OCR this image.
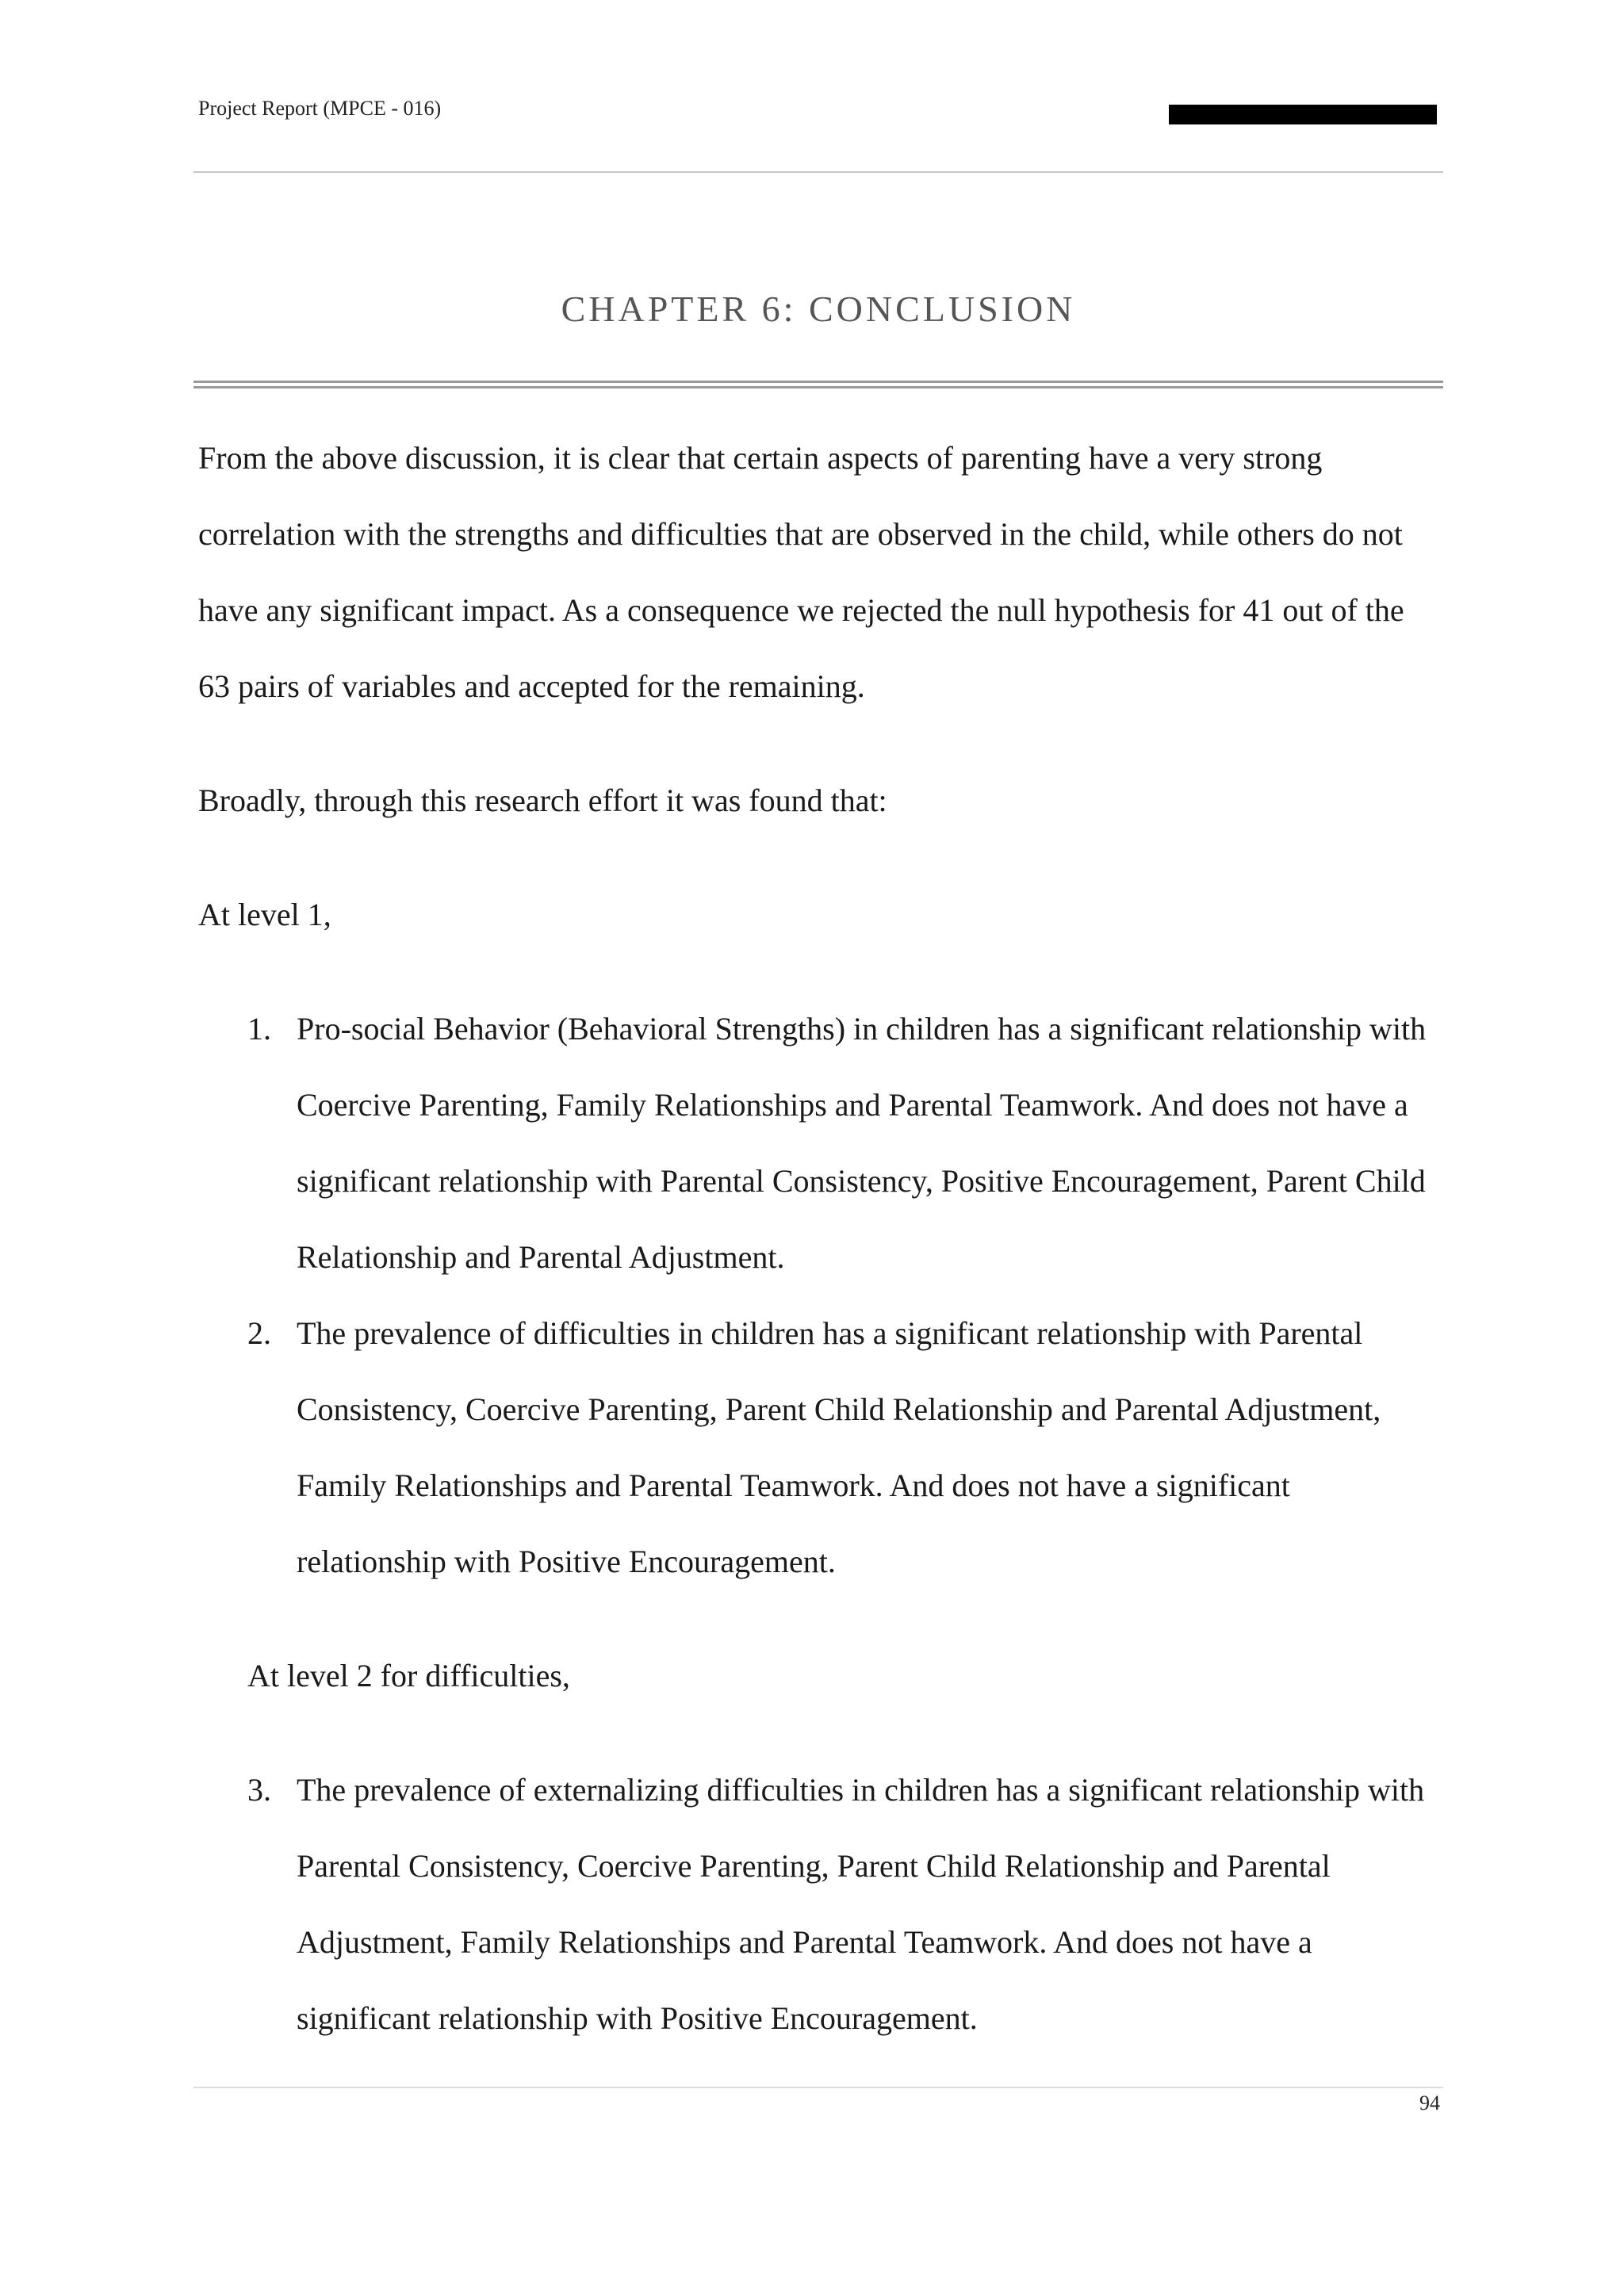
Project Report (MPCE - 016)
CHAPTER 6: CONCLUSION

From the above discussion, it is clear that certain aspects of parenting have a very strong correlation with the strengths and difficulties that are observed in the child, while others do not have any significant impact. As a consequence we rejected the null hypothesis for 41 out of the 63 pairs of variables and accepted for the remaining.

Broadly, through this research effort it was found that:

At level 1,

1. Pro-social Behavior (Behavioral Strengths) in children has a significant relationship with Coercive Parenting, Family Relationships and Parental Teamwork. And does not have a significant relationship with Parental Consistency, Positive Encouragement, Parent Child Relationship and Parental Adjustment.
2. The prevalence of difficulties in children has a significant relationship with Parental Consistency, Coercive Parenting, Parent Child Relationship and Parental Adjustment, Family Relationships and Parental Teamwork. And does not have a significant relationship with Positive Encouragement.

At level 2 for difficulties,

3. The prevalence of externalizing difficulties in children has a significant relationship with Parental Consistency, Coercive Parenting, Parent Child Relationship and Parental Adjustment, Family Relationships and Parental Teamwork. And does not have a significant relationship with Positive Encouragement.
94
